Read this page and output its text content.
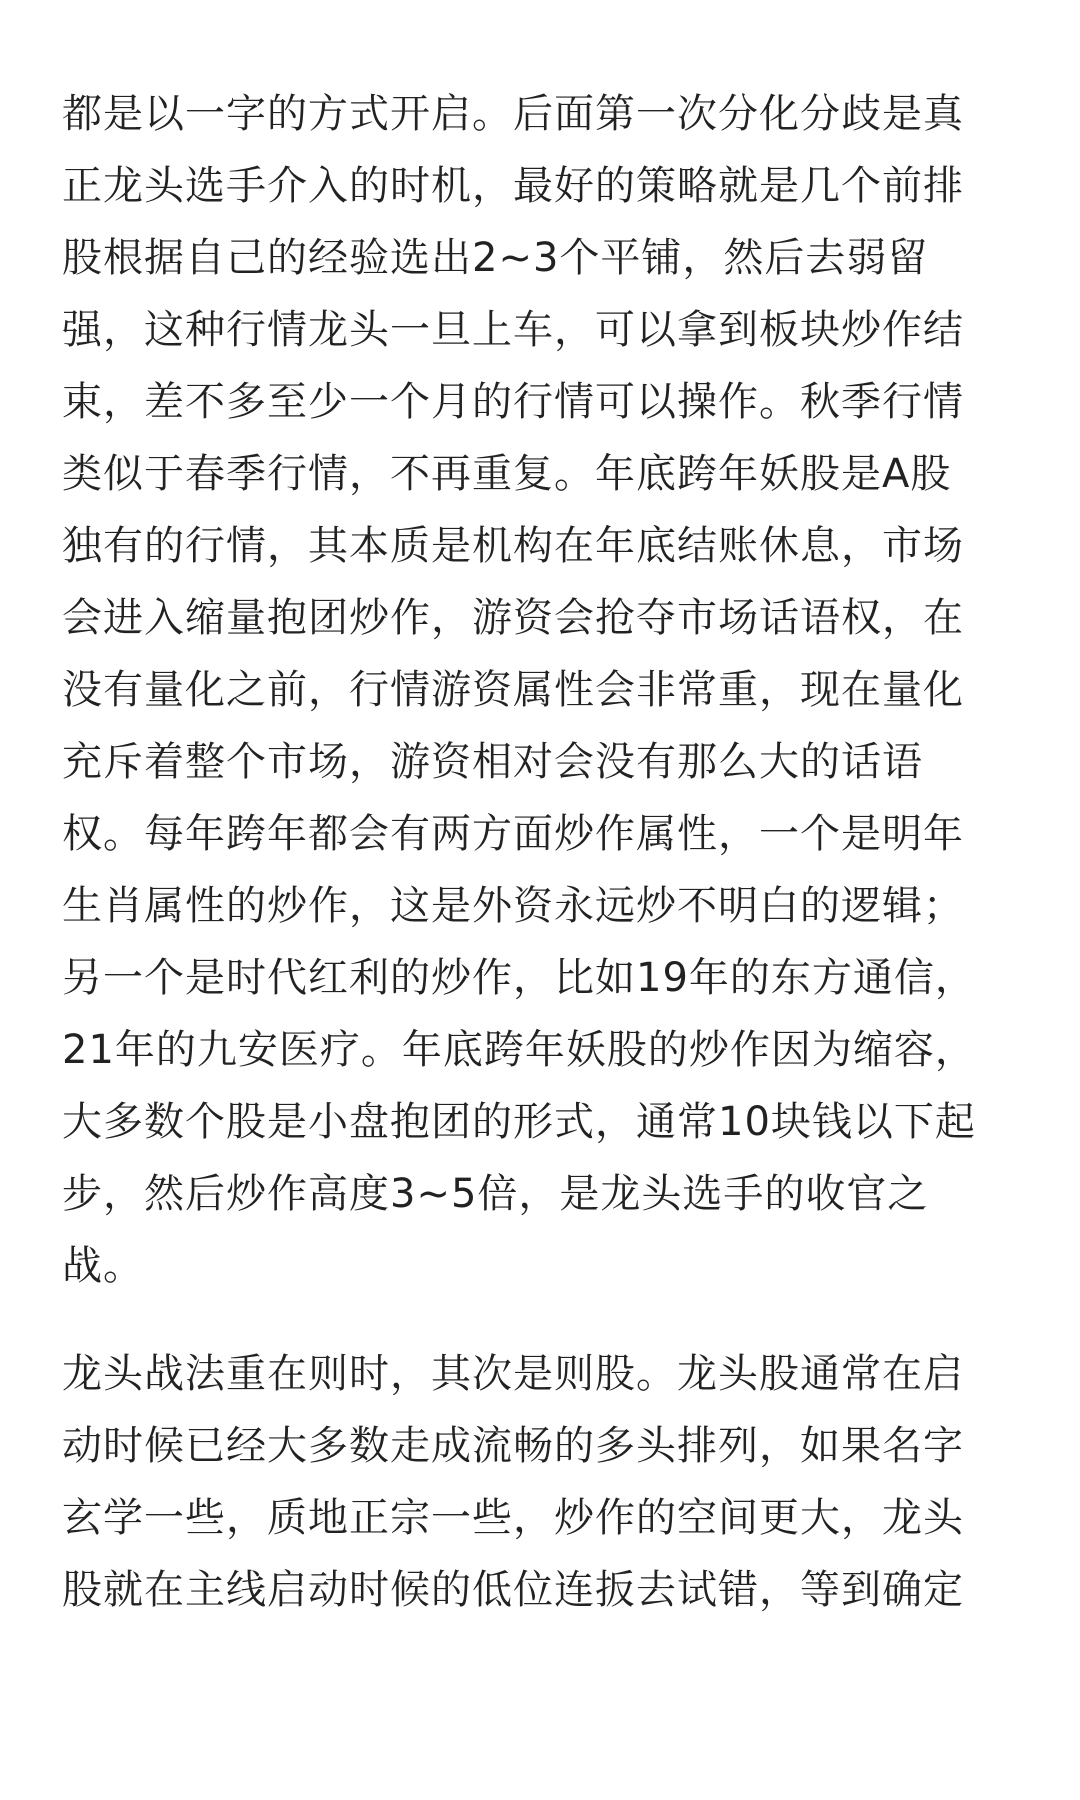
都是以一字的方式开启。后面第一次分化分歧是真
正龙头选手介入的时机，最好的策略就是几个前排
股根据自己的经验选出2~3个平铺，然后去弱留
强，这种行情龙头一旦上车，可以拿到板块炒作结
束，差不多至少一个月的行情可以操作。秋季行情
类似于春季行情，不再重复。年底跨年妖股是A股
独有的行情，其本质是机构在年底结账休息，市场
会进入缩量抱团炒作，游资会抢夺市场话语权，在
没有量化之前，行情游资属性会非常重，现在量化
充斥着整个市场，游资相对会没有那么大的话语
权。每年跨年都会有两方面炒作属性，一个是明年
生肖属性的炒作，这是外资永远炒不明白的逻辑；
另一个是时代红利的炒作，比如19年的东方通信，
21年的九安医疗。年底跨年妖股的炒作因为缩容，
大多数个股是小盘抱团的形式，通常10块钱以下起
步，然后炒作高度3~5倍，是龙头选手的收官之
战。

龙头战法重在则时，其次是则股。龙头股通常在启
动时候已经大多数走成流畅的多头排列，如果名字
玄学一些，质地正宗一些，炒作的空间更大，龙头
股就在主线启动时候的低位连扳去试错，等到确定
